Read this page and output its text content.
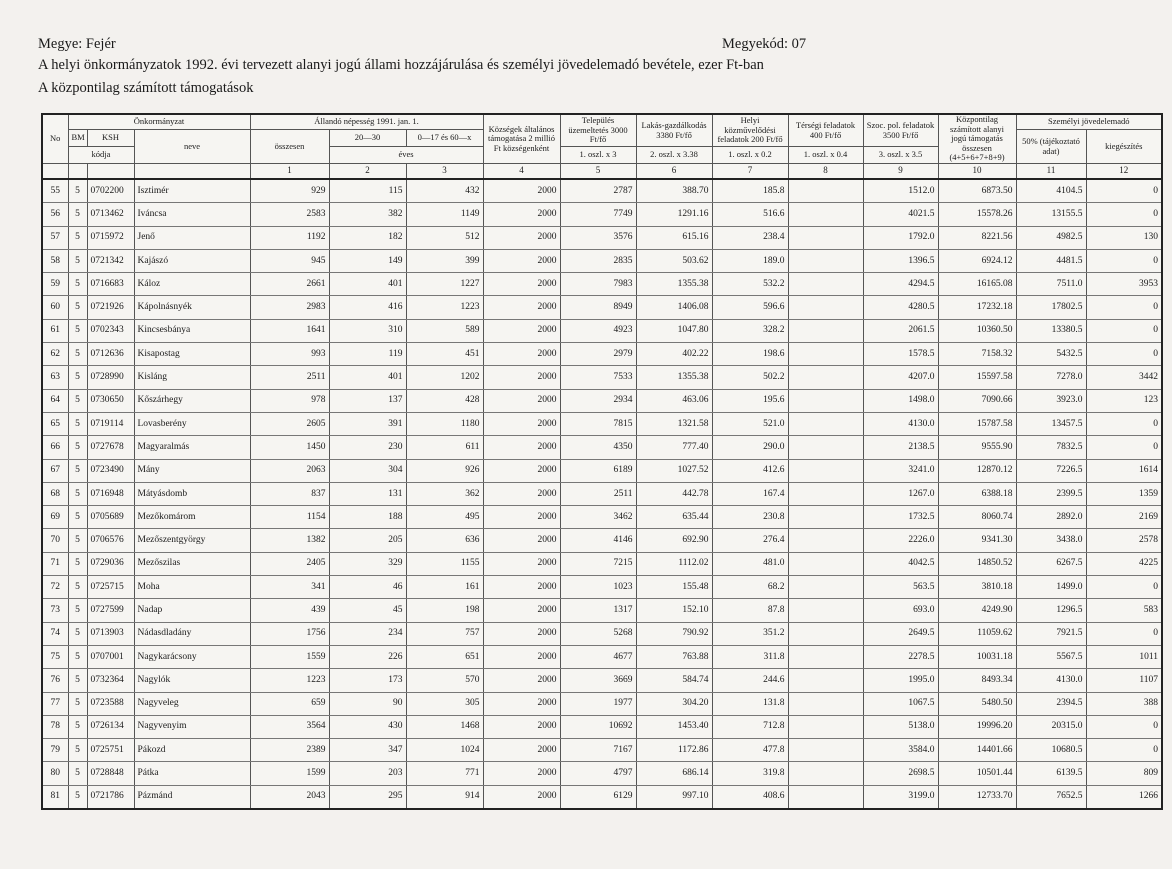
Megye: Fejér	Megyekód: 07
A helyi önkormányzatok 1992. évi tervezett alanyi jogú állami hozzájárulása és személyi jövedelemadó bevétele, ezer Ft-ban
A központilag számított támogatások
No	Önkormányzat			Állandó népesség 1991. jan. 1.			Községek általános támogatása 2 millió Ft községenként	Település üzemeltetés 3000 Ft/fő	Lakás-gazdálkodás 3380 Ft/fő	Helyi közművelődési feladatok 200 Ft/fő	Térségi feladatok 400 Ft/fő	Szoc. pol. feladatok 3500 Ft/fő	Központilag számított alanyi jogú támogatás összesen (4+5+6+7+8+9)	Személyi jövedelemadó	
	BM	KSH	neve	összesen	20—30	0—17 és 60—x								50% (tájékoztató adat)	kiegészítés
	kódja				éves			1. oszl. x 3	2. oszl. x 3.38	1. oszl. x 0.2	1. oszl. x 0.4	3. oszl. x 3.5			
				1	2	3	4	5	6	7	8	9	10	11	12
55	5	0702200	Isztimér	929	115	432	2000	2787	388.70	185.8		1512.0	6873.50	4104.5	0
56	5	0713462	Iváncsa	2583	382	1149	2000	7749	1291.16	516.6		4021.5	15578.26	13155.5	0
57	5	0715972	Jenő	1192	182	512	2000	3576	615.16	238.4		1792.0	8221.56	4982.5	130
58	5	0721342	Kajászó	945	149	399	2000	2835	503.62	189.0		1396.5	6924.12	4481.5	0
59	5	0716683	Káloz	2661	401	1227	2000	7983	1355.38	532.2		4294.5	16165.08	7511.0	3953
60	5	0721926	Kápolnásnyék	2983	416	1223	2000	8949	1406.08	596.6		4280.5	17232.18	17802.5	0
61	5	0702343	Kincsesbánya	1641	310	589	2000	4923	1047.80	328.2		2061.5	10360.50	13380.5	0
62	5	0712636	Kisapostag	993	119	451	2000	2979	402.22	198.6		1578.5	7158.32	5432.5	0
63	5	0728990	Kisláng	2511	401	1202	2000	7533	1355.38	502.2		4207.0	15597.58	7278.0	3442
64	5	0730650	Kőszárhegy	978	137	428	2000	2934	463.06	195.6		1498.0	7090.66	3923.0	123
65	5	0719114	Lovasberény	2605	391	1180	2000	7815	1321.58	521.0		4130.0	15787.58	13457.5	0
66	5	0727678	Magyaralmás	1450	230	611	2000	4350	777.40	290.0		2138.5	9555.90	7832.5	0
67	5	0723490	Mány	2063	304	926	2000	6189	1027.52	412.6		3241.0	12870.12	7226.5	1614
68	5	0716948	Mátyásdomb	837	131	362	2000	2511	442.78	167.4		1267.0	6388.18	2399.5	1359
69	5	0705689	Mezőkomárom	1154	188	495	2000	3462	635.44	230.8		1732.5	8060.74	2892.0	2169
70	5	0706576	Mezőszentgyörgy	1382	205	636	2000	4146	692.90	276.4		2226.0	9341.30	3438.0	2578
71	5	0729036	Mezőszilas	2405	329	1155	2000	7215	1112.02	481.0		4042.5	14850.52	6267.5	4225
72	5	0725715	Moha	341	46	161	2000	1023	155.48	68.2		563.5	3810.18	1499.0	0
73	5	0727599	Nadap	439	45	198	2000	1317	152.10	87.8		693.0	4249.90	1296.5	583
74	5	0713903	Nádasdladány	1756	234	757	2000	5268	790.92	351.2		2649.5	11059.62	7921.5	0
75	5	0707001	Nagykarácsony	1559	226	651	2000	4677	763.88	311.8		2278.5	10031.18	5567.5	1011
76	5	0732364	Nagylók	1223	173	570	2000	3669	584.74	244.6		1995.0	8493.34	4130.0	1107
77	5	0723588	Nagyveleg	659	90	305	2000	1977	304.20	131.8		1067.5	5480.50	2394.5	388
78	5	0726134	Nagyvenyim	3564	430	1468	2000	10692	1453.40	712.8		5138.0	19996.20	20315.0	0
79	5	0725751	Pákozd	2389	347	1024	2000	7167	1172.86	477.8		3584.0	14401.66	10680.5	0
80	5	0728848	Pátka	1599	203	771	2000	4797	686.14	319.8		2698.5	10501.44	6139.5	809
81	5	0721786	Pázmánd	2043	295	914	2000	6129	997.10	408.6		3199.0	12733.70	7652.5	1266
